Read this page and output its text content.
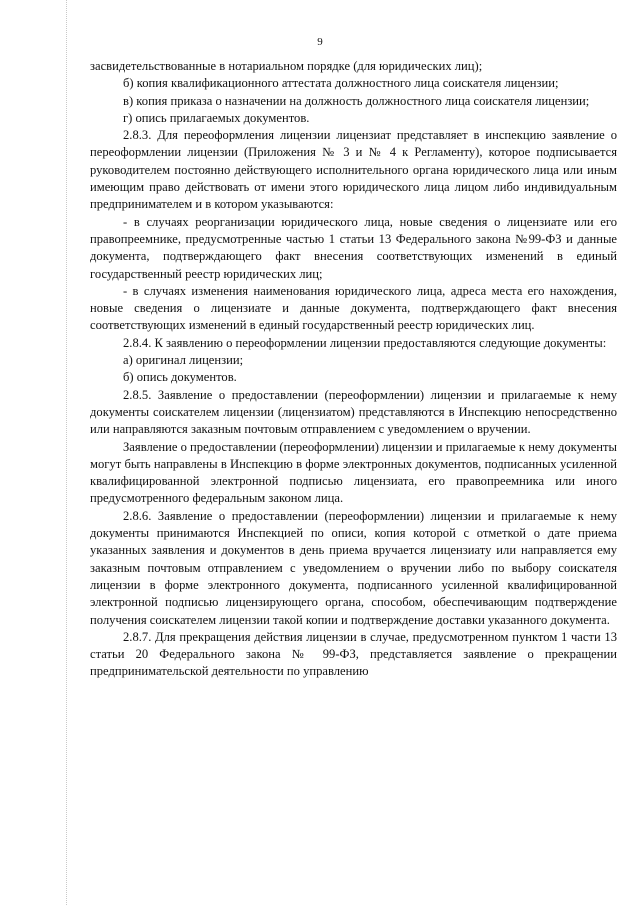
9

засвидетельствованные в нотариальном порядке (для юридических лиц);

б) копия квалификационного аттестата должностного лица соискателя лицензии;

в) копия приказа о назначении на должность должностного лица соискателя лицензии;

г) опись прилагаемых документов.

2.8.3. Для переоформления лицензии лицензиат представляет в инспекцию заявление о переоформлении лицензии (Приложения № 3 и № 4 к Регламенту), которое подписывается руководителем постоянно действующего исполнительного органа юридического лица или иным имеющим право действовать от имени этого юридического лица лицом либо индивидуальным предпринимателем и в котором указываются:

- в случаях реорганизации юридического лица, новые сведения о лицензиате или его правопреемнике, предусмотренные частью 1 статьи 13 Федерального закона №99-ФЗ и данные документа, подтверждающего факт внесения соответствующих изменений в единый государственный реестр юридических лиц;

- в случаях изменения наименования юридического лица, адреса места его нахождения, новые сведения о лицензиате и данные документа, подтверждающего факт внесения соответствующих изменений в единый государственный реестр юридических лиц.

2.8.4. К заявлению о переоформлении лицензии предоставляются следующие документы:

а) оригинал лицензии;

б) опись документов.

2.8.5. Заявление о предоставлении (переоформлении) лицензии и прилагаемые к нему документы соискателем лицензии (лицензиатом) представляются в Инспекцию непосредственно или направляются заказным почтовым отправлением с уведомлением о вручении.

Заявление о предоставлении (переоформлении) лицензии и прилагаемые к нему документы могут быть направлены в Инспекцию в форме электронных документов, подписанных усиленной квалифицированной электронной подписью лицензиата, его правопреемника или иного предусмотренного федеральным законом лица.

2.8.6. Заявление о предоставлении (переоформлении) лицензии и прилагаемые к нему документы принимаются Инспекцией по описи, копия которой с отметкой о дате приема указанных заявления и документов в день приема вручается лицензиату или направляется ему заказным почтовым отправлением с уведомлением о вручении либо по выбору соискателя лицензии в форме электронного документа, подписанного усиленной квалифицированной электронной подписью лицензирующего органа, способом, обеспечивающим подтверждение получения соискателем лицензии такой копии и подтверждение доставки указанного документа.

2.8.7. Для прекращения действия лицензии в случае, предусмотренном пунктом 1 части 13 статьи 20 Федерального закона № 99-ФЗ, представляется заявление о прекращении предпринимательской деятельности по управлению
